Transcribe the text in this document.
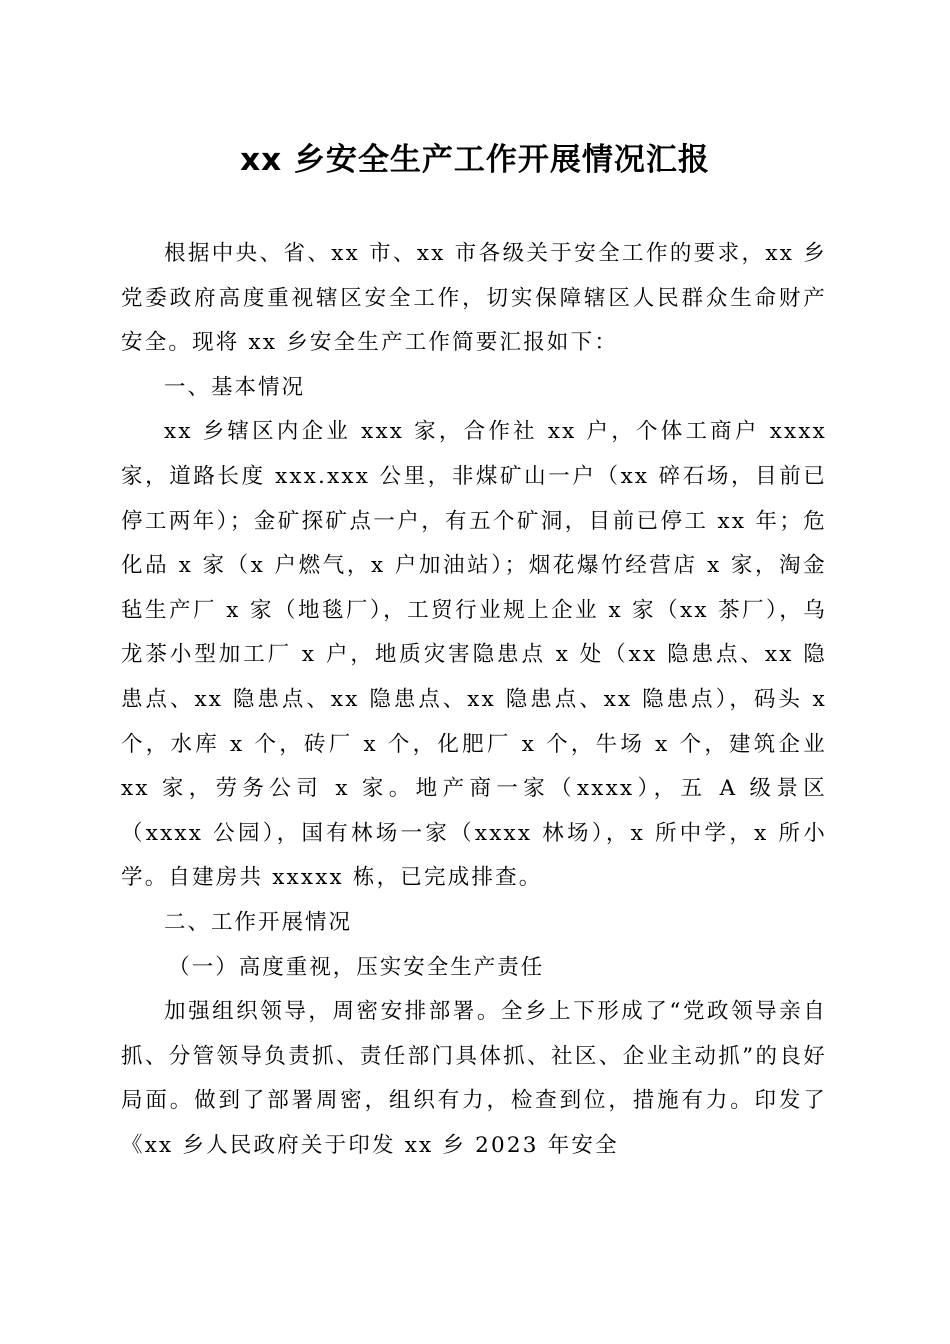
xx 乡安全生产工作开展情况汇报

根据中央、省、xx 市、xx 市各级关于安全工作的要求，xx 乡党委政府高度重视辖区安全工作，切实保障辖区人民群众生命财产安全。现将 xx 乡安全生产工作简要汇报如下：

一、基本情况

xx 乡辖区内企业 xxx 家，合作社 xx 户，个体工商户 xxxx 家，道路长度 xxx.xxx 公里，非煤矿山一户（xx 碎石场，目前已停工两年）；金矿探矿点一户，有五个矿洞，目前已停工 xx 年；危化品 x 家（x 户燃气，x 户加油站）；烟花爆竹经营店 x 家，淘金毡生产厂 x 家（地毯厂），工贸行业规上企业 x 家（xx 茶厂），乌龙茶小型加工厂 x 户，地质灾害隐患点 x 处（xx 隐患点、xx 隐患点、xx 隐患点、xx 隐患点、xx 隐患点、xx 隐患点），码头 x 个，水库 x 个，砖厂 x 个，化肥厂 x 个，牛场 x 个，建筑企业 xx 家，劳务公司 x 家。地产商一家（xxxx），五 A 级景区（xxxx 公园），国有林场一家（xxxx 林场），x 所中学，x 所小学。自建房共 xxxxx 栋，已完成排查。

二、工作开展情况

（一）高度重视，压实安全生产责任

加强组织领导，周密安排部署。全乡上下形成了“党政领导亲自抓、分管领导负责抓、责任部门具体抓、社区、企业主动抓”的良好局面。做到了部署周密，组织有力，检查到位，措施有力。印发了《xx 乡人民政府关于印发 xx 乡 2023 年安全
